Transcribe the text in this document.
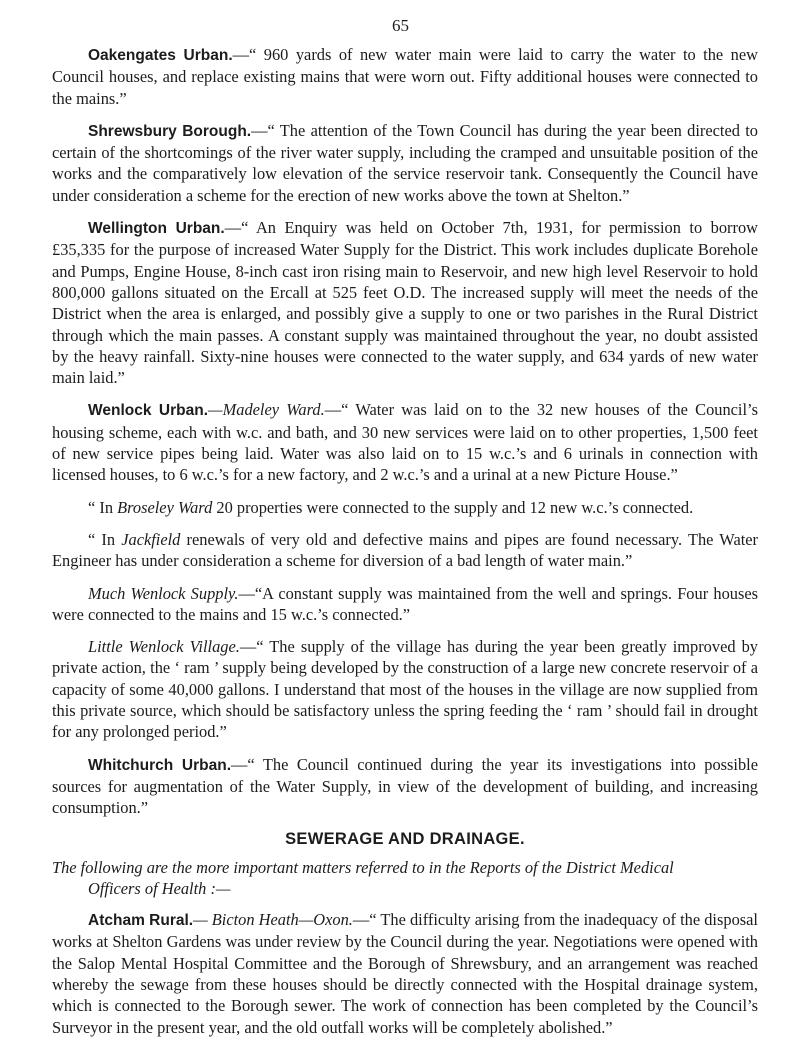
65

Oakengates Urban.—“ 960 yards of new water main were laid to carry the water to the new Council houses, and replace existing mains that were worn out. Fifty additional houses were connected to the mains.”

Shrewsbury Borough.—“ The attention of the Town Council has during the year been directed to certain of the shortcomings of the river water supply, including the cramped and unsuitable position of the works and the comparatively low elevation of the service reservoir tank. Consequently the Council have under consideration a scheme for the erection of new works above the town at Shelton.”

Wellington Urban.—“ An Enquiry was held on October 7th, 1931, for permission to borrow £35,335 for the purpose of increased Water Supply for the District. This work includes duplicate Borehole and Pumps, Engine House, 8-inch cast iron rising main to Reservoir, and new high level Reservoir to hold 800,000 gallons situated on the Ercall at 525 feet O.D. The increased supply will meet the needs of the District when the area is enlarged, and possibly give a supply to one or two parishes in the Rural District through which the main passes. A constant supply was maintained throughout the year, no doubt assisted by the heavy rainfall. Sixty-nine houses were connected to the water supply, and 634 yards of new water main laid.”

Wenlock Urban.—Madeley Ward.—“ Water was laid on to the 32 new houses of the Council’s housing scheme, each with w.c. and bath, and 30 new services were laid on to other properties, 1,500 feet of new service pipes being laid. Water was also laid on to 15 w.c.’s and 6 urinals in connection with licensed houses, to 6 w.c.’s for a new factory, and 2 w.c.’s and a urinal at a new Picture House.”

“ In Broseley Ward 20 properties were connected to the supply and 12 new w.c.’s connected.

“ In Jackfield renewals of very old and defective mains and pipes are found necessary. The Water Engineer has under consideration a scheme for diversion of a bad length of water main.”

Much Wenlock Supply.—“A constant supply was maintained from the well and springs. Four houses were connected to the mains and 15 w.c.’s connected.”

Little Wenlock Village.—“ The supply of the village has during the year been greatly improved by private action, the ‘ ram ’ supply being developed by the construction of a large new concrete reservoir of a capacity of some 40,000 gallons. I understand that most of the houses in the village are now supplied from this private source, which should be satisfactory unless the spring feeding the ‘ ram ’ should fail in drought for any prolonged period.”

Whitchurch Urban.—“ The Council continued during the year its investigations into possible sources for augmentation of the Water Supply, in view of the development of building, and increasing consumption.”

SEWERAGE AND DRAINAGE.

The following are the more important matters referred to in the Reports of the District Medical
Officers of Health :—

Atcham Rural.— Bicton Heath—Oxon.—“ The difficulty arising from the inadequacy of the disposal works at Shelton Gardens was under review by the Council during the year. Negotiations were opened with the Salop Mental Hospital Committee and the Borough of Shrewsbury, and an arrangement was reached whereby the sewage from these houses should be directly connected with the Hospital drainage system, which is connected to the Borough sewer. The work of connection has been completed by the Council’s Surveyor in the present year, and the old outfall works will be completely abolished.”
